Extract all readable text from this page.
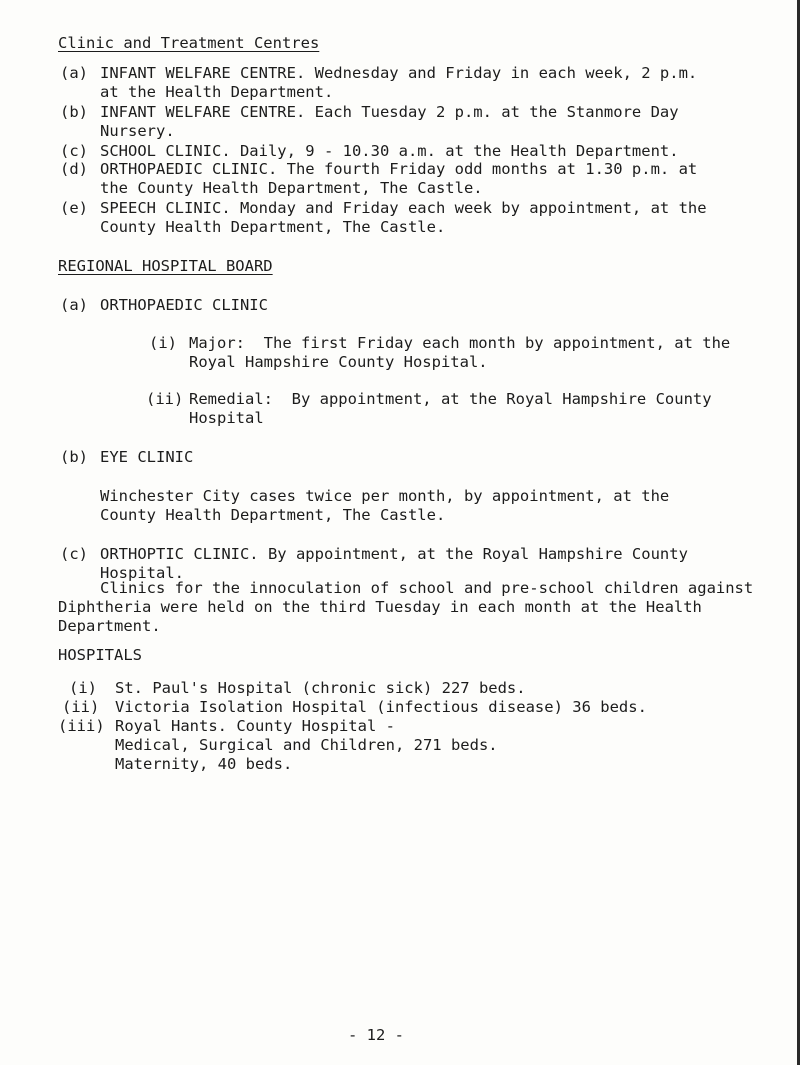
Clinic and Treatment Centres
(a) INFANT WELFARE CENTRE. Wednesday and Friday in each week, 2 p.m.
at the Health Department.
(b) INFANT WELFARE CENTRE. Each Tuesday 2 p.m. at the Stanmore Day
Nursery.
(c) SCHOOL CLINIC. Daily, 9 - 10.30 a.m. at the Health Department.
(d) ORTHOPAEDIC CLINIC. The fourth Friday odd months at 1.30 p.m. at
the County Health Department, The Castle.
(e) SPEECH CLINIC. Monday and Friday each week by appointment, at the
County Health Department, The Castle.
REGIONAL HOSPITAL BOARD
(a) ORTHOPAEDIC CLINIC
(i) Major:  The first Friday each month by appointment, at the
Royal Hampshire County Hospital.
(ii) Remedial:  By appointment, at the Royal Hampshire County
Hospital
(b) EYE CLINIC
Winchester City cases twice per month, by appointment, at the
County Health Department, The Castle.
(c) ORTHOPTIC CLINIC. By appointment, at the Royal Hampshire County
Hospital.
Clinics for the innoculation of school and pre-school children against
Diphtheria were held on the third Tuesday in each month at the Health
Department.
HOSPITALS
(i) St. Paul's Hospital (chronic sick) 227 beds.
(ii) Victoria Isolation Hospital (infectious disease) 36 beds.
(iii) Royal Hants. County Hospital -
Medical, Surgical and Children, 271 beds.
Maternity, 40 beds.
- 12 -
